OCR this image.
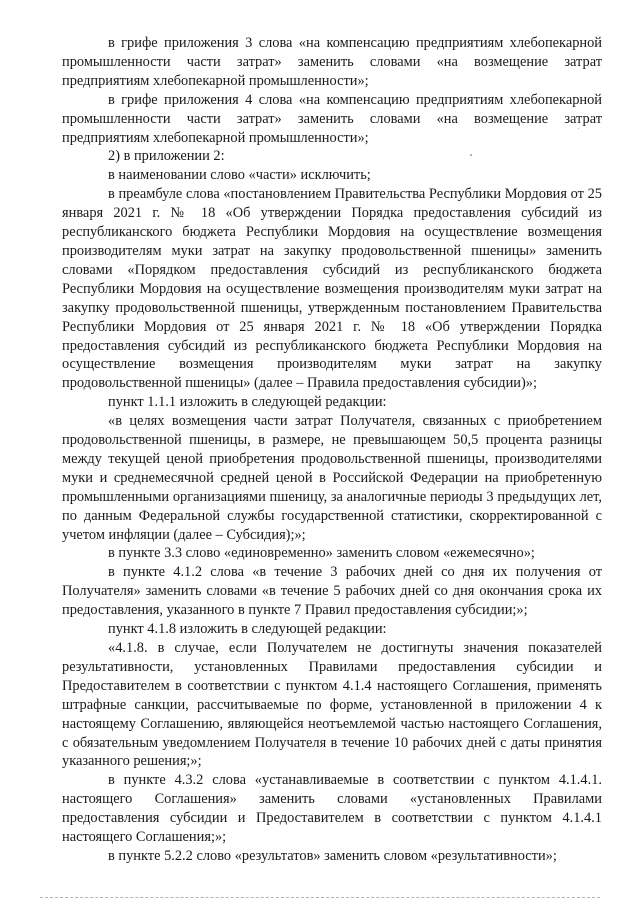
в грифе приложения 3 слова «на компенсацию предприятиям хлебопекарной промышленности части затрат» заменить словами «на возмещение затрат предприятиям хлебопекарной промышленности»;

в грифе приложения 4 слова «на компенсацию предприятиям хлебопекарной промышленности части затрат» заменить словами «на возмещение затрат предприятиям хлебопекарной промышленности»;

2) в приложении 2:

в наименовании слово «части» исключить;

в преамбуле слова «постановлением Правительства Республики Мордовия от 25 января 2021 г. № 18 «Об утверждении Порядка предоставления субсидий из республиканского бюджета Республики Мордовия на осуществление возмещения производителям муки затрат на закупку продовольственной пшеницы» заменить словами «Порядком предоставления субсидий из республиканского бюджета Республики Мордовия на осуществление возмещения производителям муки затрат на закупку продовольственной пшеницы, утвержденным постановлением Правительства Республики Мордовия от 25 января 2021 г. № 18 «Об утверждении Порядка предоставления субсидий из республиканского бюджета Республики Мордовия на осуществление возмещения производителям муки затрат на закупку продовольственной пшеницы» (далее – Правила предоставления субсидии)»;

пункт 1.1.1 изложить в следующей редакции:

«в целях возмещения части затрат Получателя, связанных с приобретением продовольственной пшеницы, в размере, не превышающем 50,5 процента разницы между текущей ценой приобретения продовольственной пшеницы, производителями муки и среднемесячной средней ценой в Российской Федерации на приобретенную промышленными организациями пшеницу, за аналогичные периоды 3 предыдущих лет, по данным Федеральной службы государственной статистики, скорректированной с учетом инфляции (далее – Субсидия);»;

в пункте 3.3 слово «единовременно» заменить словом «ежемесячно»;

в пункте 4.1.2 слова «в течение 3 рабочих дней со дня их получения от Получателя» заменить словами «в течение 5 рабочих дней со дня окончания срока их предоставления, указанного в пункте 7 Правил предоставления субсидии;»;

пункт 4.1.8 изложить в следующей редакции:

«4.1.8. в случае, если Получателем не достигнуты значения показателей результативности, установленных Правилами предоставления субсидии и Предоставителем в соответствии с пунктом 4.1.4 настоящего Соглашения, применять штрафные санкции, рассчитываемые по форме, установленной в приложении 4 к настоящему Соглашению, являющейся неотъемлемой частью настоящего Соглашения, с обязательным уведомлением Получателя в течение 10 рабочих дней с даты принятия указанного решения;»;

в пункте 4.3.2 слова «устанавливаемые в соответствии с пунктом 4.1.4.1. настоящего Соглашения» заменить словами «установленных Правилами предоставления субсидии и Предоставителем в соответствии с пунктом 4.1.4.1 настоящего Соглашения;»;

в пункте 5.2.2 слово «результатов» заменить словом «результативности»;
